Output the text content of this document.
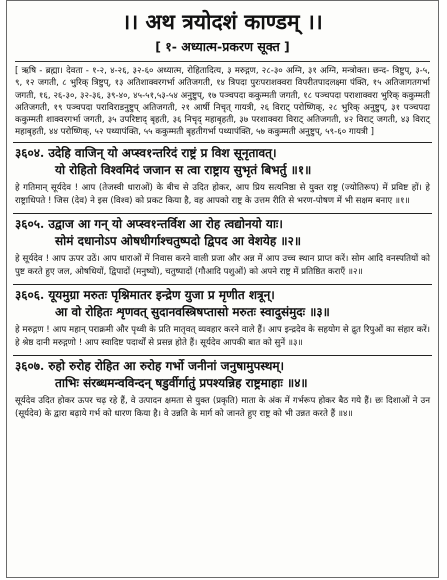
।। अथ त्रयोदशं काण्डम् ।।
[ १- अध्यात्म-प्रकरण सूक्त ]
[ ऋषि - ब्रह्मा। देवता - १-२, ४-२६, ३२-६० अध्यात्म, रोहितादित्य, ३ मरुद्गण, २८-३० अग्नि, ३१ अग्नि, मन्त्रोक्त। छन्द- त्रिष्टुप्, ३-५, ९, १२ जगती, ८ भुरिक् त्रिष्टुप्, १३ अतिशाक्वरगर्भा अतिजगती, १४ त्रिपदा पुरःपराशक्वरा विपरीतपादलक्ष्मा पंक्ति, १५ अतिजागतगर्भा जगती, १६, २६-३०, ३२-३६, ३९-४०, ४५-५१,५३-५४ अनुष्टुप्, १७ पञ्चपदा ककुम्मती जगती, १८ पञ्चपदा पराशाक्वरा भुरिक् ककुम्मती अतिजगती, १९ पञ्चपदा पराविराडनुष्टुप् अतिजगती, २१ आर्षी निचृत् गायत्री, २६ विराट् परोष्णिक्, २८ भुरिक् अनुष्टुप्, ३१ पञ्चपदा ककुम्मती शाक्वरगर्भा जगती, ३५ उपरिष्टाद् बृहती, ३६ निचृद् महाबृहती, ३७ परशाक्वरा विराट् अतिजगती, ४२ विराट् जगती, ४३ विराट् महाबृहती, ४४ परोष्णिक्, ५२ पथ्यापंक्ति, ५५ ककुम्मती बृहतीगर्भा पथ्यापंक्ति, ५७ ककुम्मती अनुष्टुप्, ५९-६० गायत्री ]
३६०४. उदेहि वाजिन् यो अप्स्व१न्तरिदं राष्ट्रं प्र विश सूनृतावत्।
यो रोहितो विश्वमिदं जजान स त्वा राष्ट्राय सुभृतं बिभर्तु ॥१॥
हे गतिमान् सूर्यदेव ! आप (तेजस्वी धाराओं) के बीच से उदित होकर, आप प्रिय सत्यनिष्ठा से युक्त राष्ट्र (ज्योतिरूप) में प्रविष्ट हों। हे राष्ट्राधिपते ! जिस (देव) ने इस (विश्व) को प्रकट किया है, वह आपको राष्ट्र के उत्तम रीति से भरण-पोषण में भी सक्षम बनाए ॥१॥
३६०५. उद्वाज आ गन् यो अप्स्व१न्तर्विश आ रोह त्वद्योनयो याः।
सोमं दधानोऽप ओषधीर्गाश्चतुष्पदो द्विपद आ वेशयेह ॥२॥
हे सूर्यदेव ! आप ऊपर उठें। आप धाराओं में निवास करने वाली प्रजा और अन्न में आप उच्च स्थान प्राप्त करें। सोम आदि वनस्पतियों को पुष्ट करते हुए जल, ओषधियों, द्विपादों (मनुष्यों), चतुष्पादों (गौआदि पशुओं) को अपने राष्ट्र में प्रतिष्ठित कराएँ ॥२॥
३६०६. यूयमुग्रा मरुतः पृश्निमातर इन्द्रेण युजा प्र मृणीत शत्रून्।
आ वो रोहितः शृणवत् सुदानवस्त्रिषप्तासो मरुतः स्वादुसंमुदः ॥३॥
हे मरुद्गण ! आप महान् पराक्रमी और पृथ्वी के प्रति मातृवत् व्यवहार करने वाले हैं। आप इन्द्रदेव के सहयोग से द्रुत रिपुओं का संहार करें। हे श्रेष्ठ दानी मरुद्गणो ! आप स्वादिष्ट पदार्थों से प्रसन्न होते हैं। सूर्यदेव आपकी बात को सुनें ॥३॥
३६०७. रुहो रुरोह रोहित आ रुरोह गर्भो जनीनां जनुषामुपस्थम्।
ताभिः संरब्धमन्वविन्दन् षडुर्वीर्गातुं प्रपश्यन्निह राष्ट्रमाहाः ॥४॥
सूर्यदेव उदित होकर ऊपर चढ़ रहे हैं, वे उत्पादन क्षमता से युक्त (प्रकृति) माता के अंक में गर्भरूप होकर बैठ गये हैं। छः दिशाओं ने उन (सूर्यदेव) के द्वारा बढ़ाये गर्भ को धारण किया है। वे उन्नति के मार्ग को जानते हुए राष्ट्र को भी उन्नत करते हैं ॥४॥
